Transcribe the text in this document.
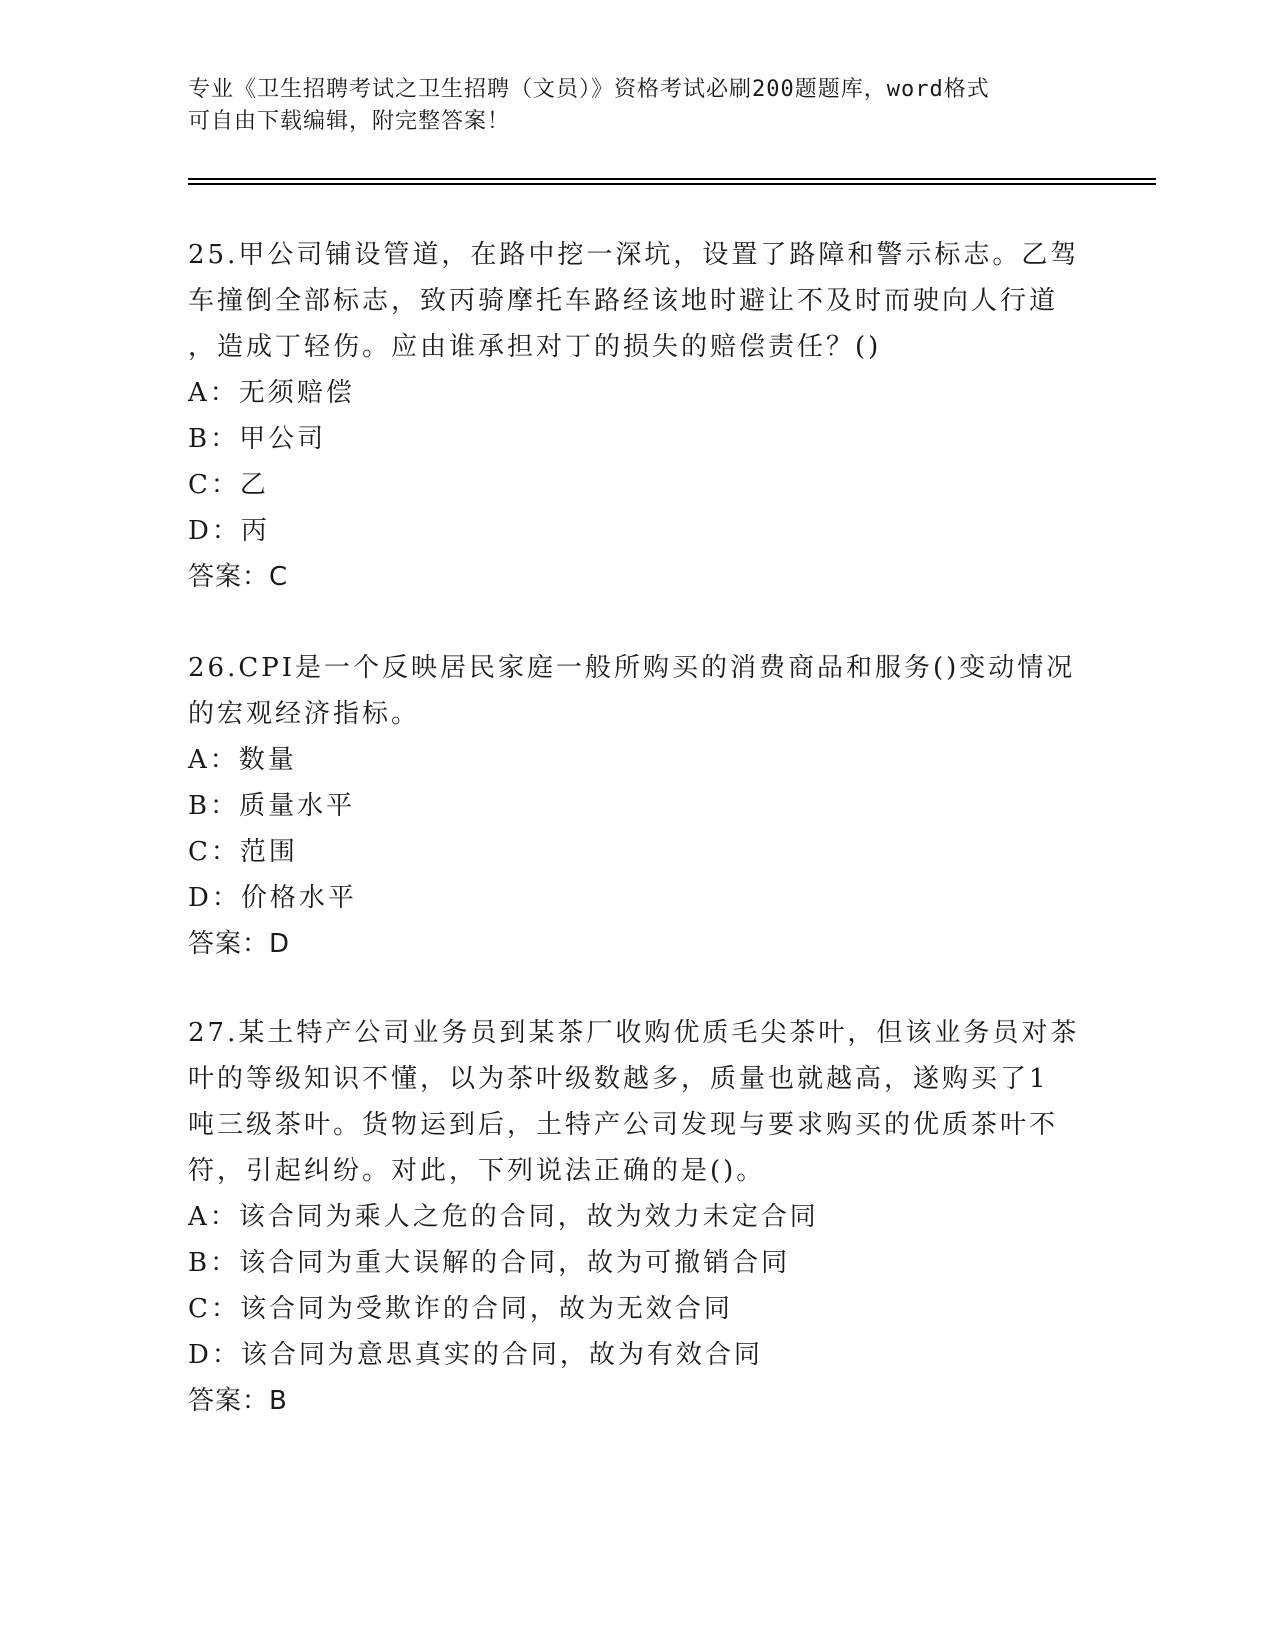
专业《卫生招聘考试之卫生招聘（文员）》资格考试必刷200题题库，word格式
可自由下载编辑，附完整答案！
25.甲公司铺设管道，在路中挖一深坑，设置了路障和警示标志。乙驾
车撞倒全部标志，致丙骑摩托车路经该地时避让不及时而驶向人行道
，造成丁轻伤。应由谁承担对丁的损失的赔偿责任？()
A：无须赔偿
B：甲公司
C：乙
D：丙
答案：C
26.CPI是一个反映居民家庭一般所购买的消费商品和服务()变动情况
的宏观经济指标。
A：数量
B：质量水平
C：范围
D：价格水平
答案：D
27.某土特产公司业务员到某茶厂收购优质毛尖茶叶，但该业务员对茶
叶的等级知识不懂，以为茶叶级数越多，质量也就越高，遂购买了1
吨三级茶叶。货物运到后，土特产公司发现与要求购买的优质茶叶不
符，引起纠纷。对此，下列说法正确的是()。
A：该合同为乘人之危的合同，故为效力未定合同
B：该合同为重大误解的合同，故为可撤销合同
C：该合同为受欺诈的合同，故为无效合同
D：该合同为意思真实的合同，故为有效合同
答案：B
